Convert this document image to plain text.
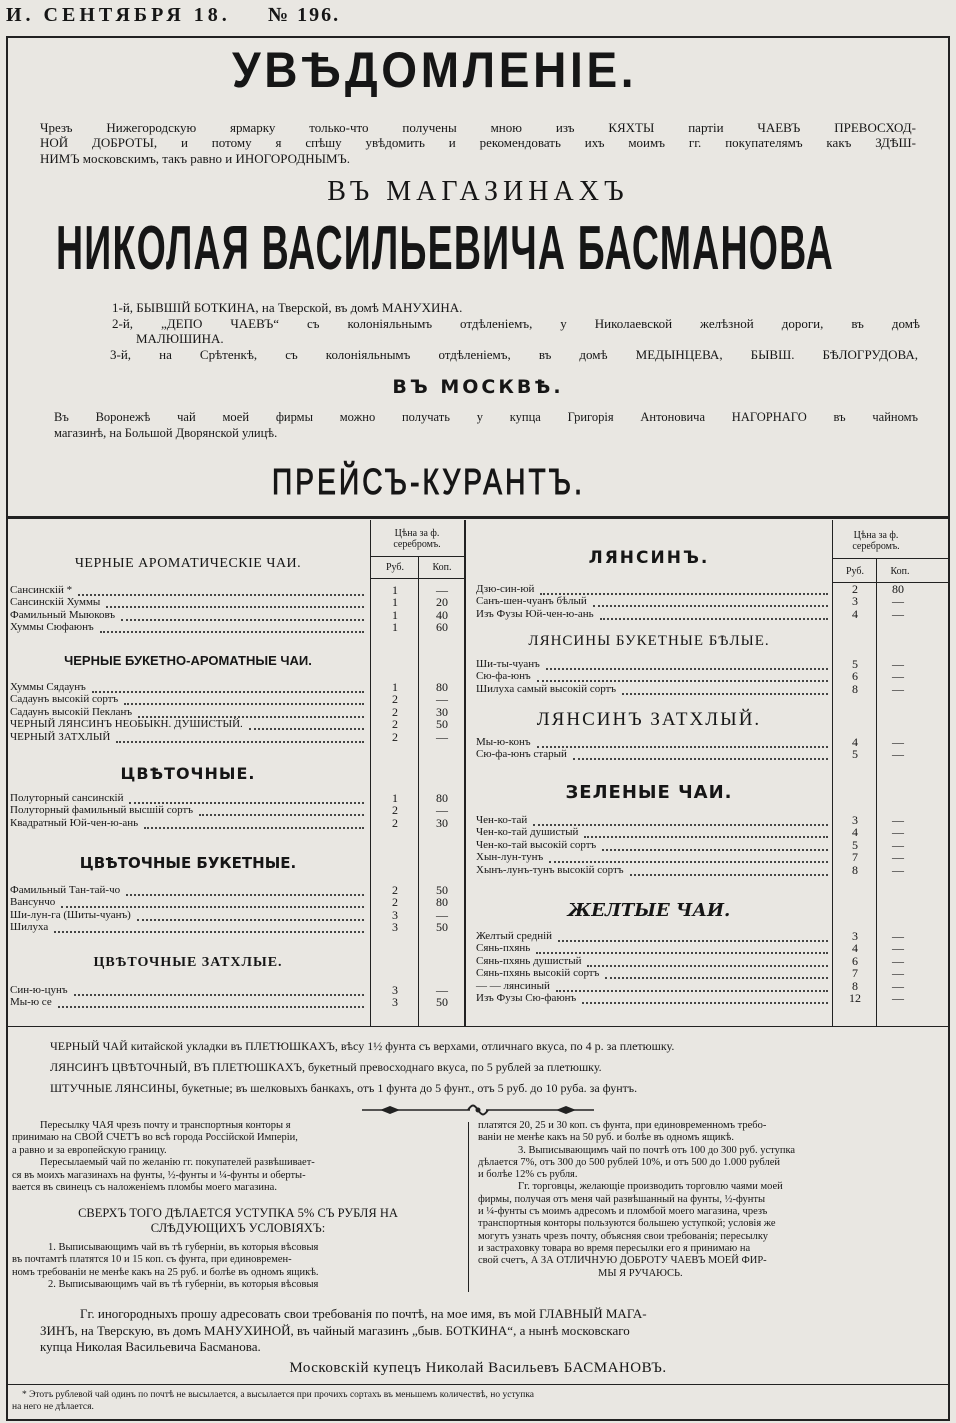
И. СЕНТЯБРЯ 18. № 196.
УВѢДОМЛЕНІЕ.
Чрезъ Нижегородскую ярмарку только-что получены мною изъ КЯХТЫ партіи ЧАЕВЪ ПРЕВОСХОД-
НОЙ ДОБРОТЫ, и потому я спѣшу увѣдомить и рекомендовать ихъ моимъ гг. покупателямъ какъ ЗДѢШ-
НИМЪ московскимъ, такъ равно и ИНОГОРОДНЫМЪ.
ВЪ МАГАЗИНАХЪ
НИКОЛАЯ ВАСИЛЬЕВИЧА БАСМАНОВА
1-й, БЫВШІЙ БОТКИНА, на Тверской, въ домѣ МАНУХИНА.
2-й, „ДЕПО ЧАЕВЪ“ съ колоніяльнымъ отдѣленіемъ, у Николаевской желѣзной дороги, въ домѣ
МАЛЮШИНА.
3-й, на Срѣтенкѣ, съ колоніяльнымъ отдѣленіемъ, въ домѣ МЕДЫНЦЕВА, БЫВШ. БѢЛОГРУДОВА,
ВЪ МОСКВѢ.
Въ Воронежѣ чай моей фирмы можно получать у купца Григорія Антоновича НАГОРНАГО въ чайномъ
магазинѣ, на Большой Дворянской улицѣ.
ПРЕЙСЪ-КУРАНТЪ.
Цѣна за ф. серебромъ.
Руб.	Коп.
Цѣна за ф. серебромъ.
Руб.	Коп.
ЧЕРНЫЕ АРОМАТИЧЕСКІЕ ЧАИ.
ЧЕРНЫЕ БУКЕТНО-АРОМАТНЫЕ ЧАИ.
ЦВѢТОЧНЫЕ.
ЦВѢТОЧНЫЕ БУКЕТНЫЕ.
ЦВѢТОЧНЫЕ ЗАТХЛЫЕ.
ЛЯНСИНЪ.
ЛЯНСИНЫ БУКЕТНЫЕ БѢЛЫЕ.
ЛЯНСИНЪ ЗАТХЛЫЙ.
ЗЕЛЕНЫЕ ЧАИ.
ЖЕЛТЫЕ ЧАИ.
Сансинскій *	1	—
Сансинскій Хуммы	1	20
Фамильный Мыюковъ	1	40
Хуммы Сюфаюнъ	1	60
Хуммы Сядаунъ	1	80
Садаунъ высокій сортъ	2	—
Садаунъ высокій Пекланъ	2	30
ЧЕРНЫЙ ЛЯНСИНЪ НЕОБЫКН. ДУШИСТЫЙ.	2	50
ЧЕРНЫЙ ЗАТХЛЫЙ	2	—
Полуторный сансинскій	1	80
Полуторный фамильный высшій сортъ	2	—
Квадратный Юй-чен-ю-ань	2	30
Фамильный Тан-тай-чо	2	50
Вансунчо	2	80
Ши-лун-га (Шиты-чуанъ)	3	—
Шилуха	3	50
Син-ю-цунъ	3	—
Мы-ю се	3	50
Дзю-син-юй	2	80
Санъ-шен-чуанъ бѣлый	3	—
Изъ Фузы Юй-чен-ю-ань	4	—
Ши-ты-чуанъ	5	—
Сю-фа-юнъ	6	—
Шилуха самый высокій сортъ	8	—
Мы-ю-конъ	4	—
Сю-фа-юнъ старый	5	—
Чен-ко-тай	3	—
Чен-ко-тай душистый	4	—
Чен-ко-тай высокій сортъ	5	—
Хын-лун-тунъ	7	—
Хынъ-лунъ-тунъ высокій сортъ	8	—
Желтый средній	3	—
Сянь-пхянь	4	—
Сянь-пхянь душистый	6	—
Сянь-пхянь высокій сортъ	7	—
— — лянсиный	8	—
Изъ Фузы Сю-фаюнъ	12	—
ЧЕРНЫЙ ЧАЙ китайской укладки въ ПЛЕТЮШКАХЪ, вѣсу 1½ фунта съ верхами, отличнаго вкуса, по 4 р. за плетюшку.
ЛЯНСИНЪ ЦВѢТОЧНЫЙ, ВЪ ПЛЕТЮШКАХЪ, букетный превосходнаго вкуса, по 5 рублей за плетюшку.
ШТУЧНЫЕ ЛЯНСИНЫ, букетные; въ шелковыхъ банкахъ, отъ 1 фунта до 5 фунт., отъ 5 руб. до 10 руба. за фунтъ.
Пересылку ЧАЯ чрезъ почту и транспортныя конторы я
принимаю на СВОЙ СЧЕТЪ во всѣ города Россійской Имперіи,
а равно и за европейскую границу.
Пересылаемый чай по желанію гг. покупателей развѣшивает-
ся въ моихъ магазинахъ на фунты, ½-фунты и ¼-фунты и оберты-
вается въ свинецъ съ наложеніемъ пломбы моего магазина.
СВЕРХЪ ТОГО ДѢЛАЕТСЯ УСТУПКА 5% СЪ РУБЛЯ НА
СЛѢДУЮЩИХЪ УСЛОВІЯХЪ:
1. Выписывающимъ чай въ тѣ губерніи, въ которыя вѣсовыя
въ почтамтѣ платятся 10 и 15 коп. съ фунта, при единовремен-
номъ требованіи не менѣе какъ на 25 руб. и болѣе въ одномъ ящикѣ.
2. Выписывающимъ чай въ тѣ губерніи, въ которыя вѣсовыя
платятся 20, 25 и 30 коп. съ фунта, при единовременномъ требо-
ваніи не менѣе какъ на 50 руб. и болѣе въ одномъ ящикѣ.
3. Выписывающимъ чай по почтѣ отъ 100 до 300 руб. уступка
дѣлается 7%, отъ 300 до 500 рублей 10%, и отъ 500 до 1.000 рублей
и болѣе 12% съ рубля.
Гг. торговцы, желающіе производить торговлю чаями моей
фирмы, получая отъ меня чай развѣшанный на фунты, ½-фунты
и ¼-фунты съ моимъ адресомъ и пломбой моего магазина, чрезъ
транспортныя конторы пользуются большею уступкой; условія же
могутъ узнать чрезъ почту, объясняя свои требованія; пересылку
и застраховку товара во время пересылки его я принимаю на
свой счетъ, А ЗА ОТЛИЧНУЮ ДОБРОТУ ЧАЕВЪ МОЕЙ ФИР-
МЫ Я РУЧАЮСЬ.
Гг. иногородныхъ прошу адресовать свои требованія по почтѣ, на мое имя, въ мой ГЛАВНЫЙ МАГА-
ЗИНЪ, на Тверскую, въ домъ МАНУХИНОЙ, въ чайный магазинъ „быв. БОТКИНА“, а нынѣ московскаго
купца Николая Васильевича Басманова.
Московскій купецъ Николай Васильевъ БАСМАНОВЪ.
* Этотъ рублевой чай одинъ по почтѣ не высылается, а высылается при прочихъ сортахъ въ меньшемъ количествѣ, но уступка
на него не дѣлается.
